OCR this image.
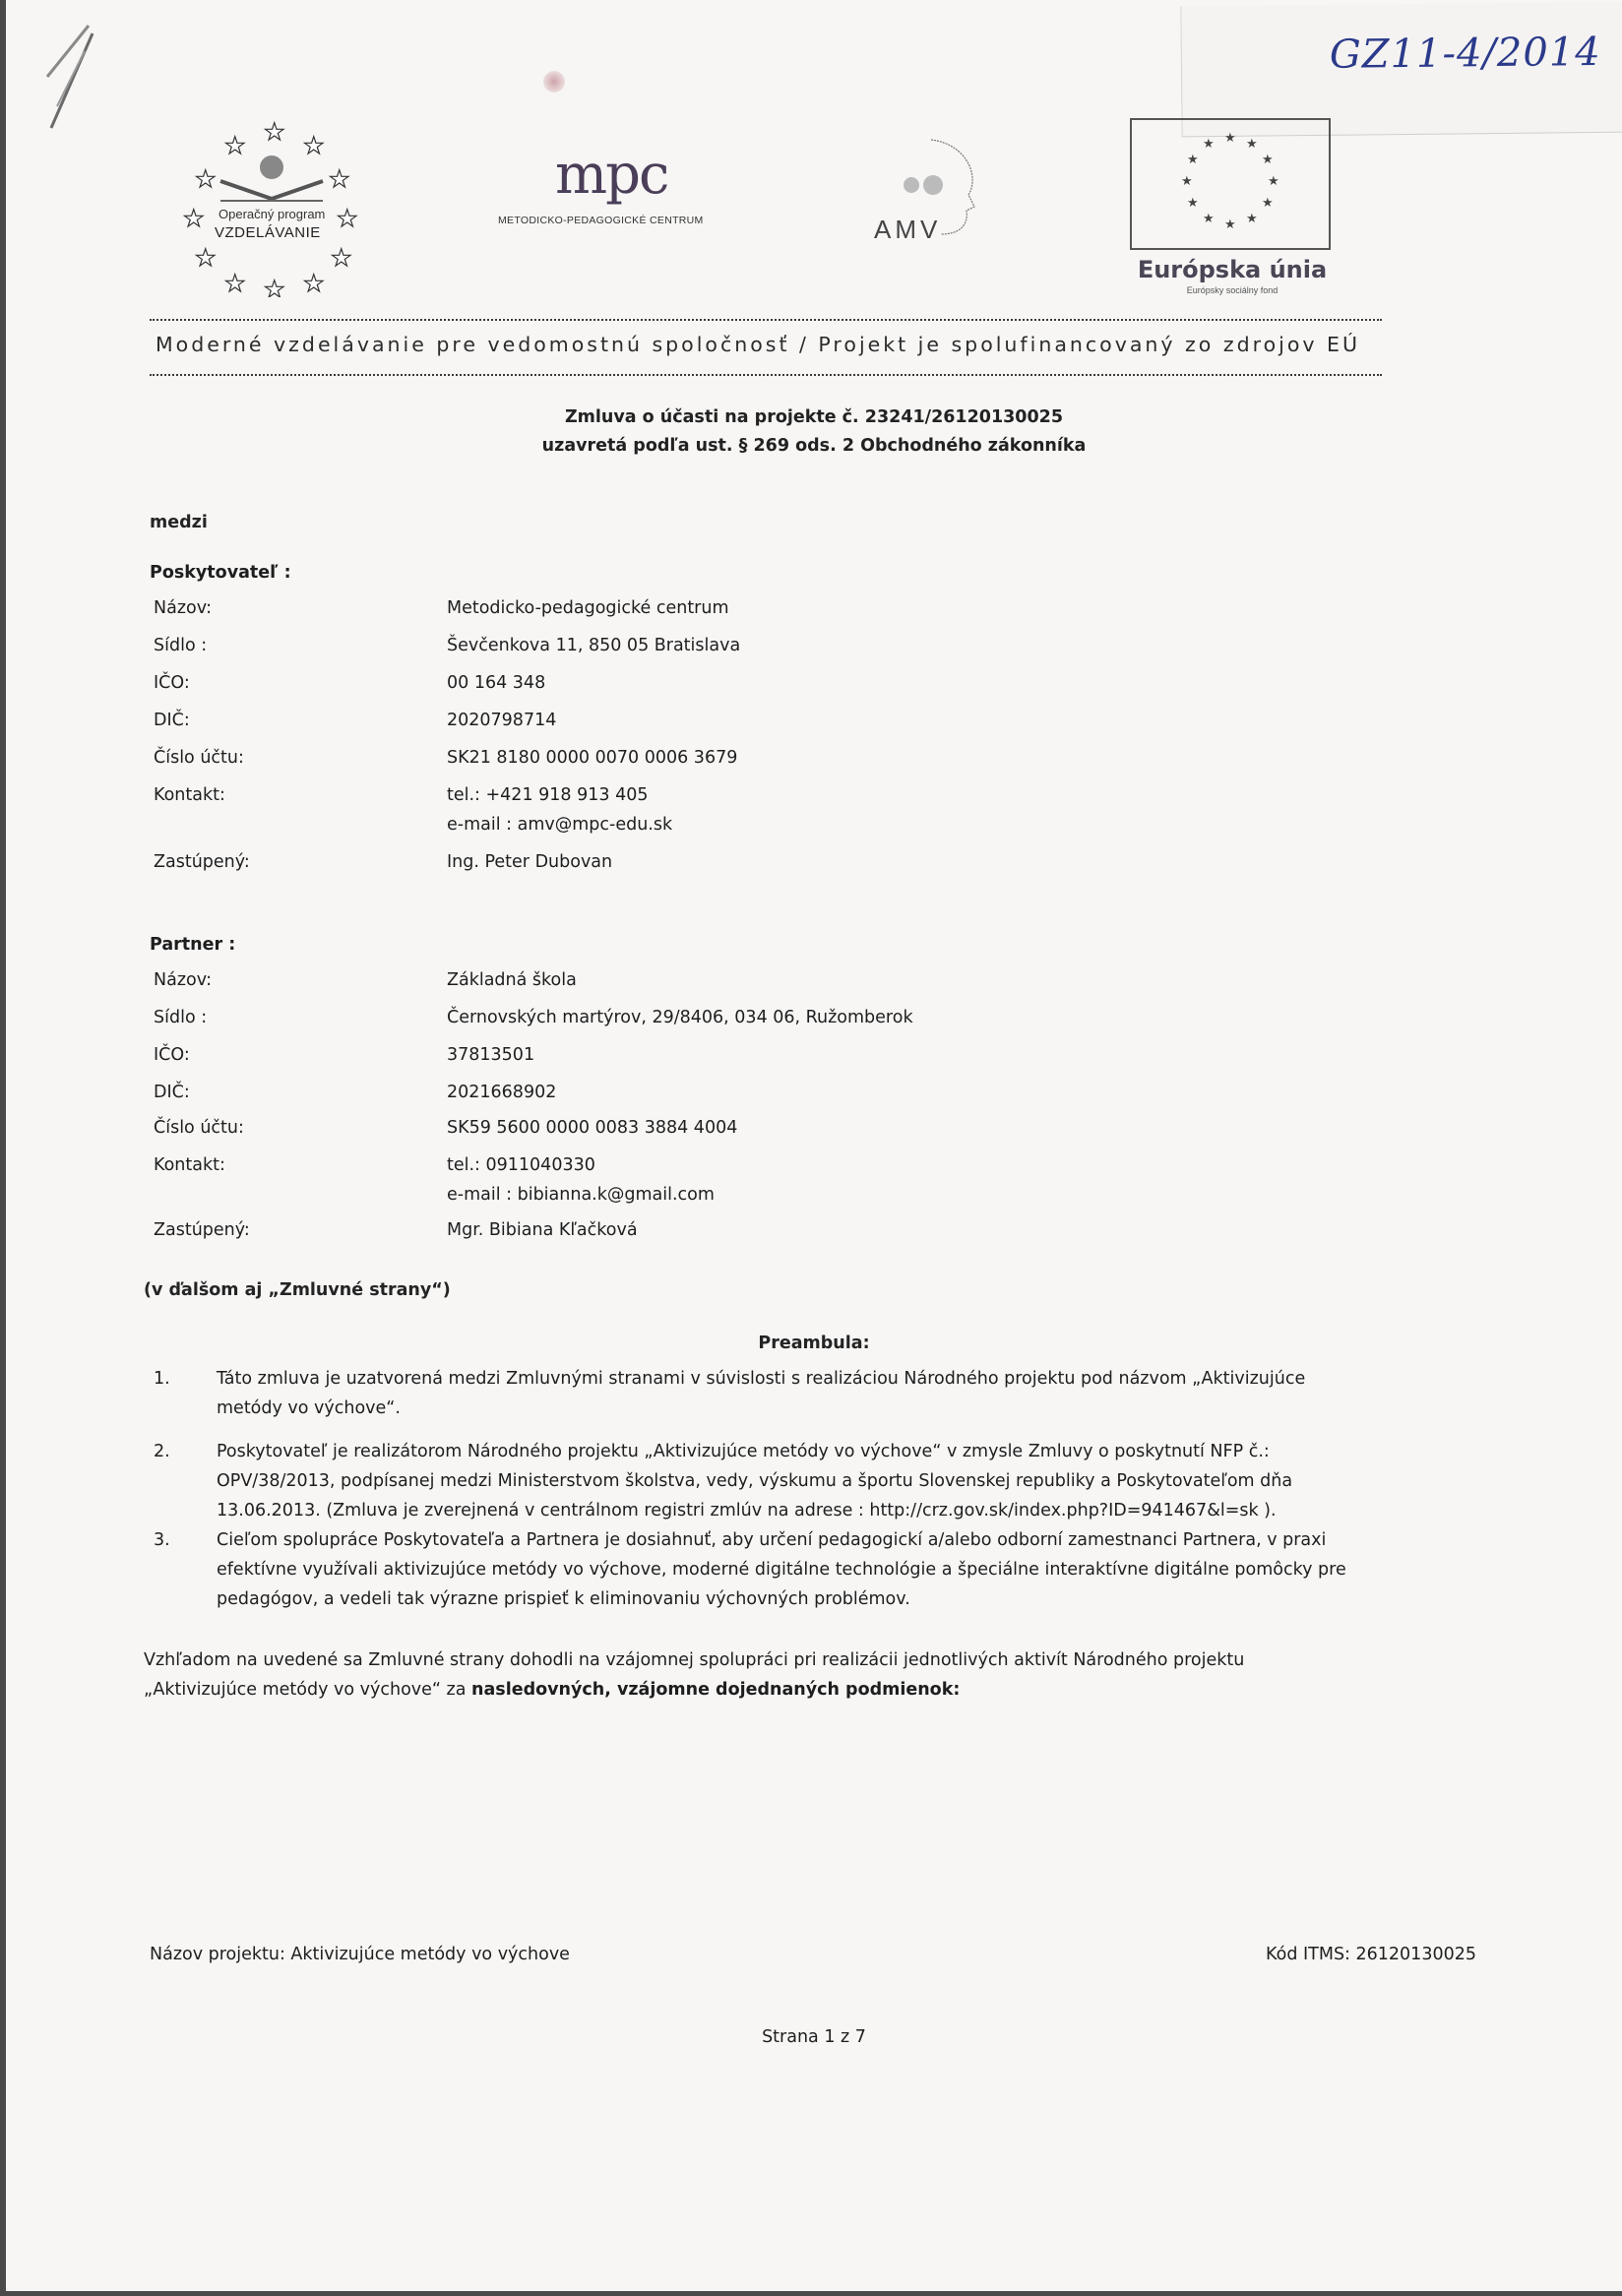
GZ11-4/2014
★
★ ★
★	★
★	★
★	★
★ ★ ★
Operačný program
VZDELÁVANIE
mpc
METODICKO-PEDAGOGICKÉ CENTRUM	AMV
★ ★
★
★
★
★
★
★
★
★
★
★
Európska únia
Európsky sociálny fond
Moderné vzdelávanie pre vedomostnú spoločnosť / Projekt je spolufinancovaný zo zdrojov EÚ
Zmluva o účasti na projekte č. 23241/26120130025
uzavretá podľa ust. § 269 ods. 2 Obchodného zákonníka
medzi
Poskytovateľ :
Názov:	Metodicko-pedagogické centrum
Sídlo :	Ševčenkova 11, 850 05 Bratislava
IČO:	00 164 348
DIČ:	2020798714
Číslo účtu:	SK21 8180 0000 0070 0006 3679
Kontakt:	tel.: +421 918 913 405
e-mail : amv@mpc-edu.sk
Zastúpený:	Ing. Peter Dubovan
Partner :
Názov:	Základná škola
Sídlo :	Černovských martýrov, 29/8406, 034 06, Ružomberok
IČO:	37813501
DIČ:	2021668902
Číslo účtu:	SK59 5600 0000 0083 3884 4004
Kontakt:	tel.: 0911040330
e-mail : bibianna.k@gmail.com
Zastúpený:	Mgr. Bibiana Kľačková
(v ďalšom aj „Zmluvné strany“)
Preambula:
1.	Táto zmluva je uzatvorená medzi Zmluvnými stranami v súvislosti s realizáciou Národného projektu pod názvom „Aktivizujúce
metódy vo výchove“.
2.	Poskytovateľ je realizátorom Národného projektu „Aktivizujúce metódy vo výchove“ v zmysle Zmluvy o poskytnutí NFP č.:
OPV/38/2013, podpísanej medzi Ministerstvom školstva, vedy, výskumu a športu Slovenskej republiky a Poskytovateľom dňa
13.06.2013. (Zmluva je zverejnená v centrálnom registri zmlúv na adrese : http://crz.gov.sk/index.php?ID=941467&l=sk ).
3.	Cieľom spolupráce Poskytovateľa a Partnera je dosiahnuť, aby určení pedagogickí a/alebo odborní zamestnanci Partnera, v praxi
efektívne využívali aktivizujúce metódy vo výchove, moderné digitálne technológie a špeciálne interaktívne digitálne pomôcky pre
pedagógov, a vedeli tak výrazne prispieť k eliminovaniu výchovných problémov.
Vzhľadom na uvedené sa Zmluvné strany dohodli na vzájomnej spolupráci pri realizácii jednotlivých aktivít Národného projektu
„Aktivizujúce metódy vo výchove“ za nasledovných, vzájomne dojednaných podmienok:
Názov projektu: Aktivizujúce metódy vo výchove	Kód ITMS: 26120130025
Strana 1 z 7
